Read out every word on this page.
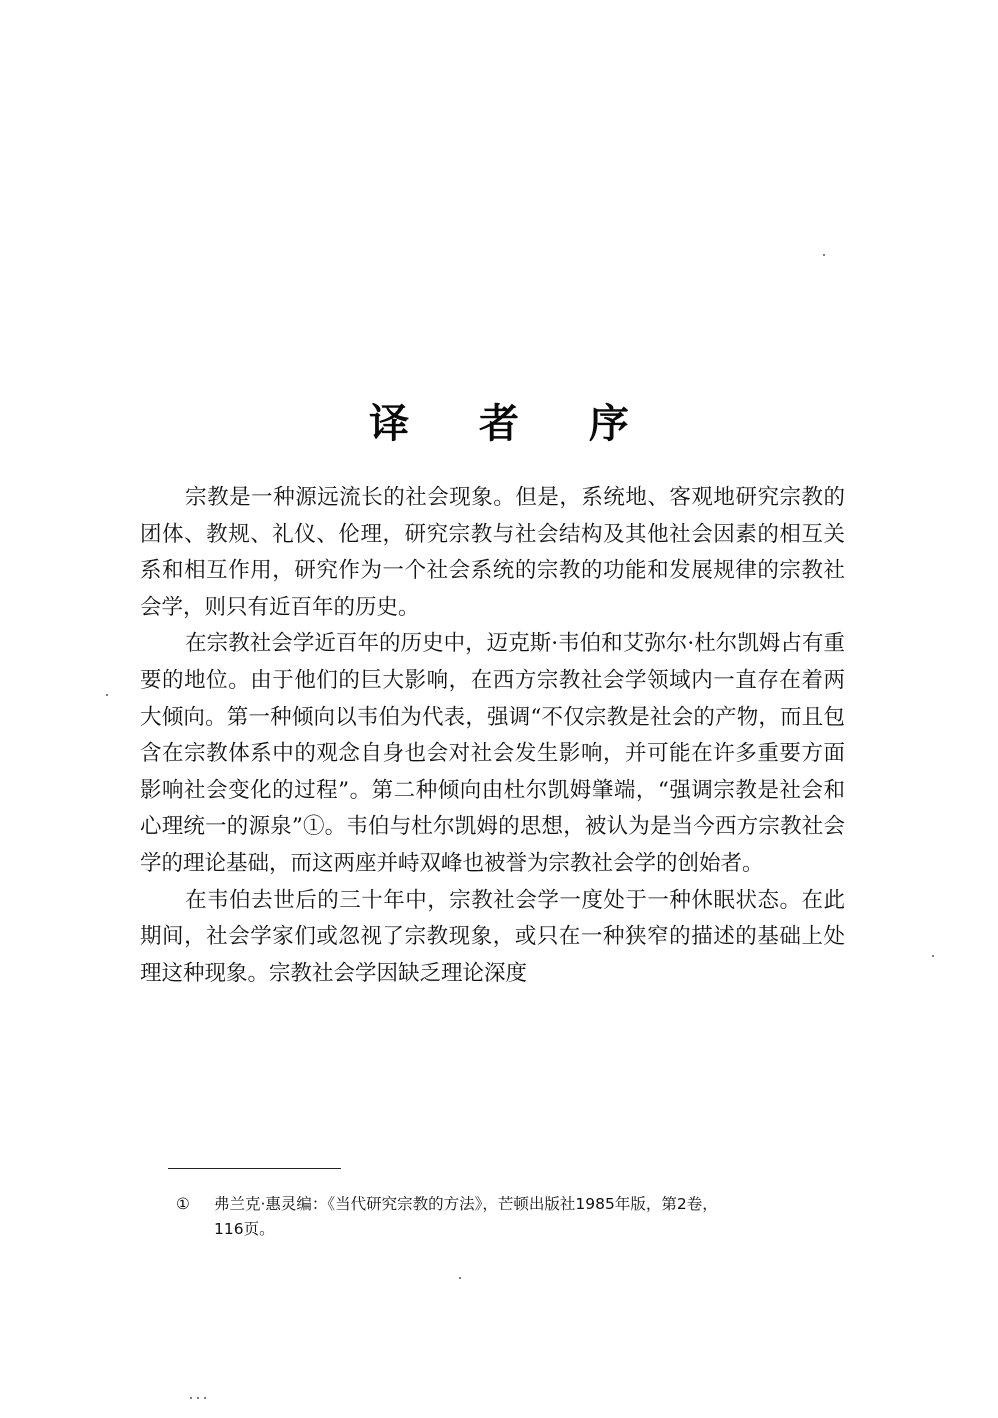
译 者 序

宗教是一种源远流长的社会现象。但是，系统地、客观地研究宗教的团体、教规、礼仪、伦理，研究宗教与社会结构及其他社会因素的相互关系和相互作用，研究作为一个社会系统的宗教的功能和发展规律的宗教社会学，则只有近百年的历史。

在宗教社会学近百年的历史中，迈克斯·韦伯和艾弥尔·杜尔凯姆占有重要的地位。由于他们的巨大影响，在西方宗教社会学领域内一直存在着两大倾向。第一种倾向以韦伯为代表，强调“不仅宗教是社会的产物，而且包含在宗教体系中的观念自身也会对社会发生影响，并可能在许多重要方面影响社会变化的过程”。第二种倾向由杜尔凯姆肇端，“强调宗教是社会和心理统一的源泉”①。韦伯与杜尔凯姆的思想，被认为是当今西方宗教社会学的理论基础，而这两座并峙双峰也被誉为宗教社会学的创始者。

在韦伯去世后的三十年中，宗教社会学一度处于一种休眠状态。在此期间，社会学家们或忽视了宗教现象，或只在一种狭窄的描述的基础上处理这种现象。宗教社会学因缺乏理论深度

① 弗兰克·惠灵编：《当代研究宗教的方法》，芒顿出版社1985年版，第2卷，
116页。
